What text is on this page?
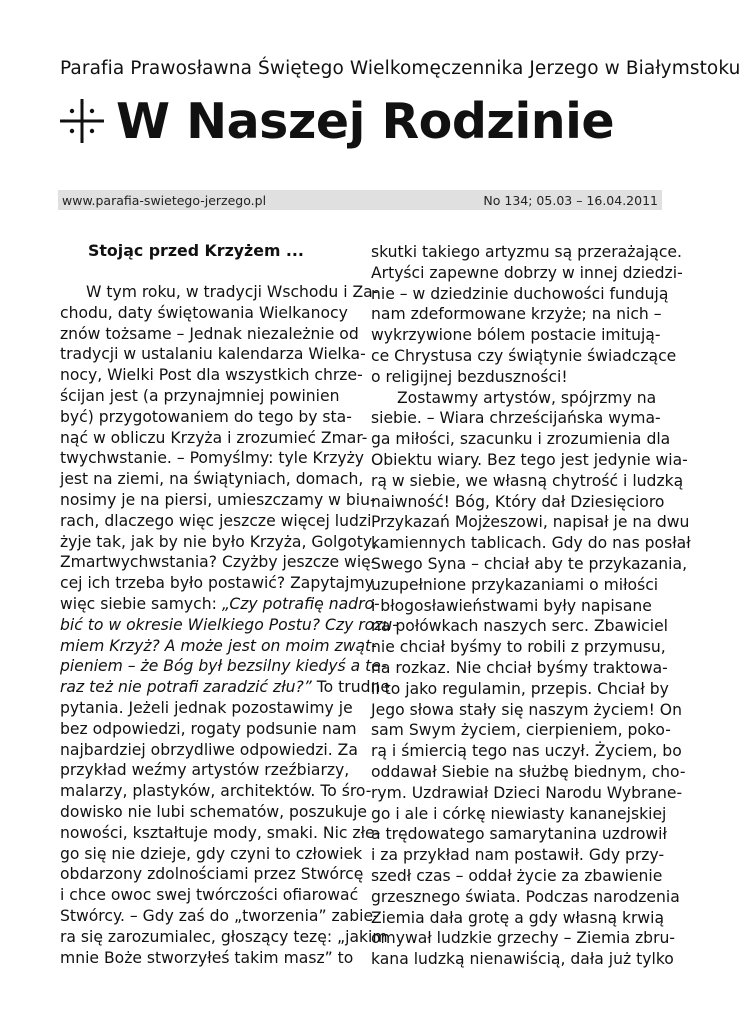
Parafia Prawosławna Świętego Wielkomęczennika Jerzego w Białymstoku
W Naszej Rodzinie
www.parafia-swietego-jerzego.pl	No 134; 05.03 – 16.04.2011
Stojąc przed Krzyżem ...
W tym roku, w tradycji Wschodu i Za-
chodu, daty świętowania Wielkanocy
znów tożsame – Jednak niezależnie od
tradycji w ustalaniu kalendarza Wielka-
nocy, Wielki Post dla wszystkich chrze-
ścijan jest (a przynajmniej powinien
być) przygotowaniem do tego by sta-
nąć w obliczu Krzyża i zrozumieć Zmar-
twychwstanie. – Pomyślmy: tyle Krzyży
jest na ziemi, na świątyniach, domach,
nosimy je na piersi, umieszczamy w biu-
rach, dlaczego więc jeszcze więcej ludzi
żyje tak, jak by nie było Krzyża, Golgoty,
Zmartwychwstania? Czyżby jeszcze wię-
cej ich trzeba było postawić? Zapytajmy
więc siebie samych: „Czy potrafię nadro-
bić to w okresie Wielkiego Postu? Czy rozu-
miem Krzyż? A może jest on moim zwąt-
pieniem – że Bóg był bezsilny kiedyś a te-
raz też nie potrafi zaradzić złu?” To trudne
pytania. Jeżeli jednak pozostawimy je
bez odpowiedzi, rogaty podsunie nam
najbardziej obrzydliwe odpowiedzi. Za
przykład weźmy artystów rzeźbiarzy,
malarzy, plastyków, architektów. To śro-
dowisko nie lubi schematów, poszukuje
nowości, kształtuje mody, smaki. Nic złe-
go się nie dzieje, gdy czyni to człowiek
obdarzony zdolnościami przez Stwórcę
i chce owoc swej twórczości ofiarować
Stwórcy. – Gdy zaś do „tworzenia” zabie-
ra się zarozumialec, głoszący tezę: „jakim
mnie Boże stworzyłeś takim masz” to
skutki takiego artyzmu są przerażające.
Artyści zapewne dobrzy w innej dziedzi-
nie – w dziedzinie duchowości fundują
nam zdeformowane krzyże; na nich –
wykrzywione bólem postacie imitują-
ce Chrystusa czy świątynie świadczące
o religijnej bezduszności!
Zostawmy artystów, spójrzmy na
siebie. – Wiara chrześcijańska wyma-
ga miłości, szacunku i zrozumienia dla
Obiektu wiary. Bez tego jest jedynie wia-
rą w siebie, we własną chytrość i ludzką
naiwność! Bóg, Który dał Dziesięcioro
Przykazań Mojżeszowi, napisał je na dwu
kamiennych tablicach. Gdy do nas posłał
Swego Syna – chciał aby te przykazania,
uzupełnione przykazaniami o miłości
i błogosławieństwami były napisane
na połówkach naszych serc. Zbawiciel
nie chciał byśmy to robili z przymusu,
na rozkaz. Nie chciał byśmy traktowa-
li to jako regulamin, przepis. Chciał by
Jego słowa stały się naszym życiem! On
sam Swym życiem, cierpieniem, poko-
rą i śmiercią tego nas uczył. Życiem, bo
oddawał Siebie na służbę biednym, cho-
rym. Uzdrawiał Dzieci Narodu Wybrane-
go i ale i córkę niewiasty kananejskiej
a trędowatego samarytanina uzdrowił
i za przykład nam postawił. Gdy przy-
szedł czas – oddał życie za zbawienie
grzesznego świata. Podczas narodzenia
Ziemia dała grotę a gdy własną krwią
omywał ludzkie grzechy – Ziemia zbru-
kana ludzką nienawiścią, dała już tylko
